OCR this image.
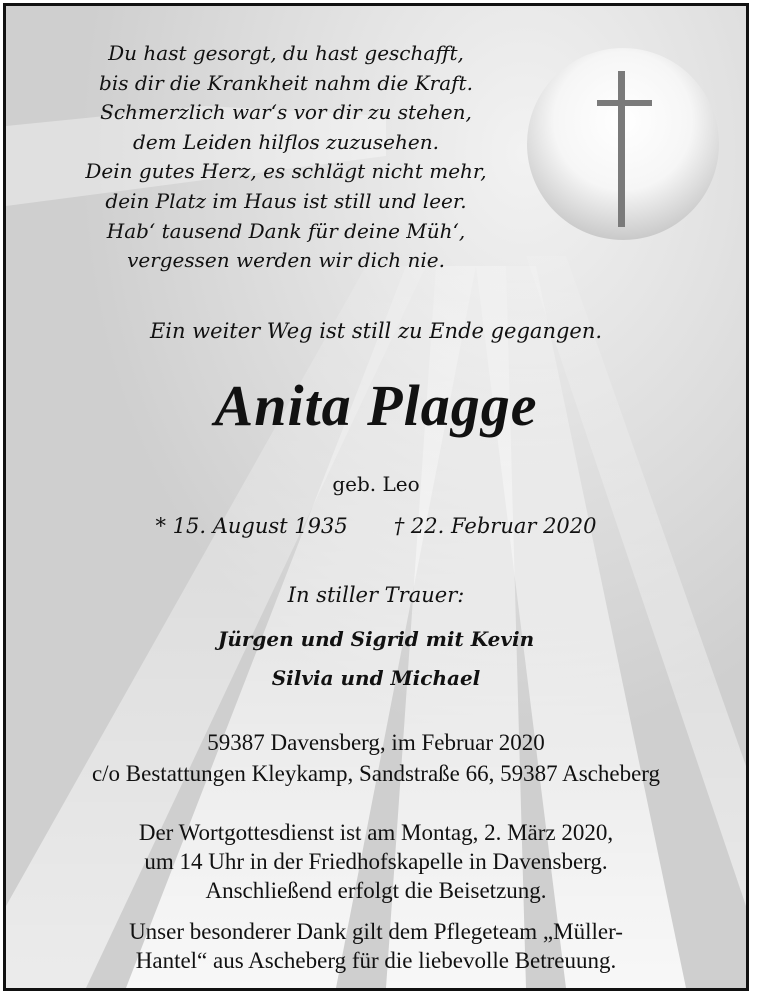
Du hast gesorgt, du hast geschafft,
bis dir die Krankheit nahm die Kraft.
Schmerzlich war‘s vor dir zu stehen,
dem Leiden hilflos zuzusehen.
Dein gutes Herz, es schlägt nicht mehr,
dein Platz im Haus ist still und leer.
Hab‘ tausend Dank für deine Müh‘,
vergessen werden wir dich nie.

Ein weiter Weg ist still zu Ende gegangen.

Anita Plagge

geb. Leo

* 15. August 1935 † 22. Februar 2020

In stiller Trauer:

Jürgen und Sigrid mit Kevin

Silvia und Michael

59387 Davensberg, im Februar 2020

c/o Bestattungen Kleykamp, Sandstraße 66, 59387 Ascheberg

Der Wortgottesdienst ist am Montag, 2. März 2020,
um 14 Uhr in der Friedhofskapelle in Davensberg.
Anschließend erfolgt die Beisetzung.
Unser besonderer Dank gilt dem Pflegeteam „Müller-
Hantel“ aus Ascheberg für die liebevolle Betreuung.
